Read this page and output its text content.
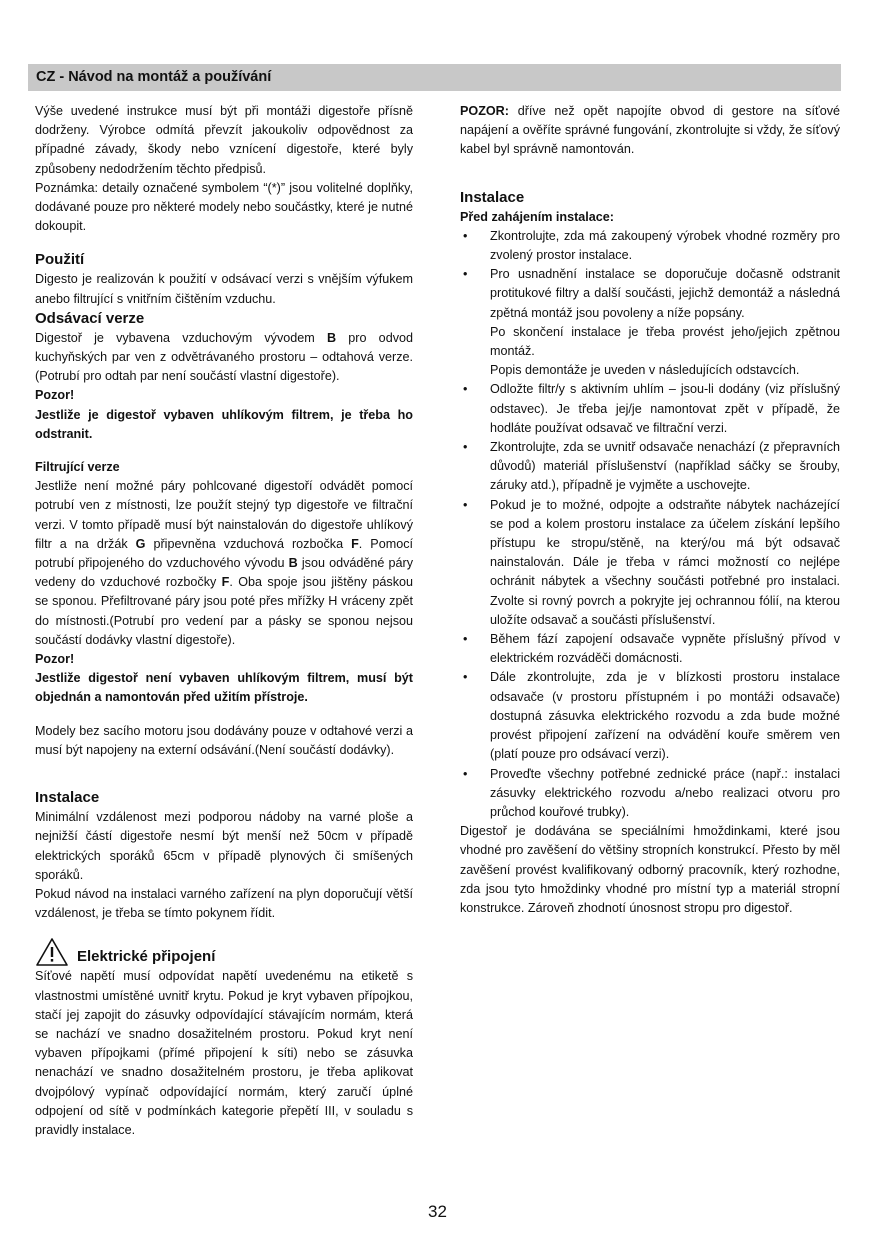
CZ - Návod na montáž a používání

Výše uvedené instrukce musí být při montáži digestoře přísně dodrženy. Výrobce odmítá převzít jakoukoliv odpovědnost za případné závady, škody nebo vznícení digestoře, které byly způsobeny nedodržením těchto předpisů.

Poznámka: detaily označené symbolem “(*)” jsou volitelné doplňky, dodávané pouze pro některé modely nebo součástky, které je nutné dokoupit.

Použití

Digesto je realizován k použití v odsávací verzi s vnějším výfukem anebo filtrující s vnitřním čištěním vzduchu.

Odsávací verze

Digestoř je vybavena vzduchovým vývodem B pro odvod kuchyňských par ven z odvětrávaného prostoru – odtahová verze.(Potrubí pro odtah par není součástí vlastní digestoře).

Pozor!

Jestliže je digestoř vybaven uhlíkovým filtrem, je třeba ho odstranit.

Filtrující verze

Jestliže není možné páry pohlcované digestoří odvádět pomocí potrubí ven z místnosti, lze použít stejný typ digestoře ve filtrační verzi. V tomto případě musí být nainstalován do digestoře uhlíkový filtr a na držák G připevněna vzduchová rozbočka F. Pomocí potrubí připojeného do vzduchového vývodu B jsou odváděné páry vedeny do vzduchové rozbočky F. Oba spoje jsou jištěny páskou se sponou. Přefiltrované páry jsou poté přes mřížky H vráceny zpět do místnosti.(Potrubí pro vedení par a pásky se sponou nejsou součástí dodávky vlastní digestoře).

Pozor!

Jestliže digestoř není vybaven uhlíkovým filtrem, musí být objednán a namontován před užitím přístroje.

Modely bez sacího motoru jsou dodávány pouze v odtahové verzi a musí být napojeny na externí odsávání.(Není součástí dodávky).

Instalace

Minimální vzdálenost mezi podporou nádoby na varné ploše a nejnižší částí digestoře nesmí být menší než 50cm v případě elektrických sporáků 65cm v případě plynových či smíšených sporáků.

Pokud návod na instalaci varného zařízení na plyn doporučují větší vzdálenost, je třeba se tímto pokynem řídit.

Elektrické připojení

Síťové napětí musí odpovídat napětí uvedenému na etiketě s vlastnostmi umístěné uvnitř krytu. Pokud je kryt vybaven přípojkou, stačí jej zapojit do zásuvky odpovídající stávajícím normám, která se nachází ve snadno dosažitelném prostoru. Pokud kryt není vybaven přípojkami (přímé připojení k síti) nebo se zásuvka nenachází ve snadno dosažitelném prostoru, je třeba aplikovat dvojpólový vypínač odpovídající normám, který zaručí úplné odpojení od sítě v podmínkách kategorie přepětí III, v souladu s pravidly instalace.

POZOR: dříve než opět napojíte obvod di gestore na síťové napájení a ověříte správné fungování, zkontrolujte si vždy, že síťový kabel byl správně namontován.

Instalace

Před zahájením instalace:

• Zkontrolujte, zda má zakoupený výrobek vhodné rozměry pro zvolený prostor instalace.
• Pro usnadnění instalace se doporučuje dočasně odstranit protitukové filtry a další součásti, jejichž demontáž a následná zpětná montáž jsou povoleny a níže popsány.

Po skončení instalace je třeba provést jeho/jejich zpětnou montáž.

Popis demontáže je uveden v následujících odstavcích.

• Odložte filtr/y s aktivním uhlím – jsou-li dodány (viz příslušný odstavec). Je třeba jej/je namontovat zpět v případě, že hodláte používat odsavač ve filtrační verzi.
• Zkontrolujte, zda se uvnitř odsavače nenachází (z přepravních důvodů) materiál příslušenství (například sáčky se šrouby, záruky atd.), případně je vyjměte a uschovejte.
• Pokud je to možné, odpojte a odstraňte nábytek nacházející se pod a kolem prostoru instalace za účelem získání lepšího přístupu ke stropu/stěně, na který/ou má být odsavač nainstalován. Dále je třeba v rámci možností co nejlépe ochránit nábytek a všechny součásti potřebné pro instalaci. Zvolte si rovný povrch a pokryjte jej ochrannou fólií, na kterou uložíte odsavač a součásti příslušenství.
• Během fází zapojení odsavače vypněte příslušný přívod v elektrickém rozváděči domácnosti.
• Dále zkontrolujte, zda je v blízkosti prostoru instalace odsavače (v prostoru přístupném i po montáži odsavače) dostupná zásuvka elektrického rozvodu a zda bude možné provést připojení zařízení na odvádění kouře směrem ven (platí pouze pro odsávací verzi).
• Proveďte všechny potřebné zednické práce (např.: instalaci zásuvky elektrického rozvodu a/nebo realizaci otvoru pro průchod kouřové trubky).

Digestoř je dodávána se speciálními hmoždinkami, které jsou vhodné pro zavěšení do většiny stropních konstrukcí. Přesto by měl zavěšení provést kvalifikovaný odborný pracovník, který rozhodne, zda jsou tyto hmoždinky vhodné pro místní typ a materiál stropní konstrukce. Zároveň zhodnotí únosnost stropu pro digestoř.

32
